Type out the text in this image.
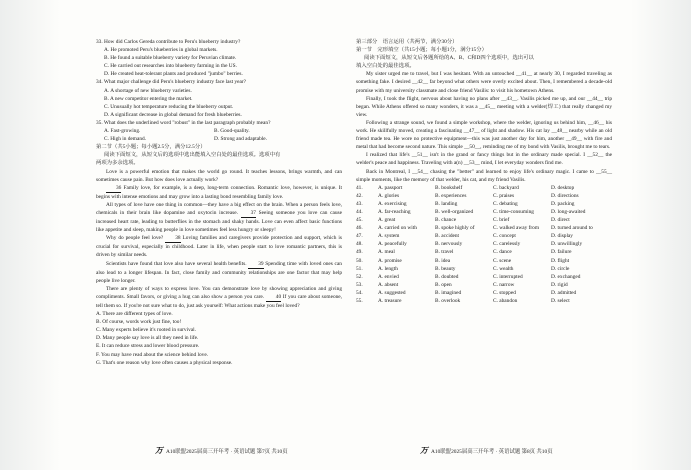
33. How did Carlos Gereda contribute to Peru's blueberry industry?
A. He promoted Peru's blueberries in global markets.
B. He found a suitable blueberry variety for Peruvian climate.
C. He carried out researches into blueberry farming in the US.
D. He created heat-tolerant plants and produced "jumbo" berries.
34. What major challenge did Peru's blueberry industry face last year?
A. A shortage of new blueberry varieties.
B. A new competitor entering the market.
C. Unusually hot temperature reducing the blueberry output.
D. A significant decrease in global demand for fresh blueberries.
35. What does the underlined word "robust" in the last paragraph probably mean?
A. Fast-growing.	B. Good-quality.
C. High in demand.	D. Strong and adaptable.
第二节（共5小题；每小题2.5分，满分12.5分）
阅读下面短文，从短文后的选项中选出能填入空白处的最佳选项。选项中有
两项为多余选项。
Love is a powerful emotion that makes the world go round. It teaches lessons, brings warmth, and can sometimes cause pain. But how does love actually work?
36 Family love, for example, is a deep, long-term connection. Romantic love, however, is unique. It begins with intense emotions and may grow into a lasting bond resembling family love.
All types of love have one thing in common—they have a big effect on the brain. When a person feels love, chemicals in their brain like dopamine and oxytocin increase. 37 Seeing someone you love can cause increased heart rate, leading to butterflies in the stomach and shaky hands. Love can even affect basic functions like appetite and sleep, making people in love sometimes feel less hungry or sleepy!
Why do people feel love? 38 Loving families and caregivers provide protection and support, which is crucial for survival, especially in childhood. Later in life, when people start to love romantic partners, this is driven by similar needs.
Scientists have found that love also have several health benefits. 39 Spending time with loved ones can also lead to a longer lifespan. In fact, close family and community relationships are one factor that may help people live longer.
There are plenty of ways to express love. You can demonstrate love by showing appreciation and giving compliments. Small favors, or giving a hug can also show a person you care. 40 If you care about someone, tell them so. If you're not sure what to do, just ask yourself: What actions make you feel loved?
A. There are different types of love.
B. Of course, words work just fine, too!
C. Many experts believe it's rooted in survival.
D. Many people say love is all they need in life.
E. It can reduce stress and lower blood pressure.
F. You may have read about the science behind love.
G. That's one reason why love often causes a physical response.
第三部分　语言运用（共两节，满分30分）
第一节　完形填空（共15小题；每小题1分，满分15分）
阅读下面短文，从短文后各题所给的A、B、C和D四个选项中，选出可以
填入空白处的最佳选项。
My sister urged me to travel, but I was hesitant. With an untouched __41__ at nearly 30, I regarded traveling as something fake. I desired __42__ far beyond what others were overly excited about. Then, I remembered a decade-old promise with my university classmate and close friend Vasilis: to visit his hometown Athens.
Finally, I took the flight, nervous about having no plans after __43__. Vasilis picked me up, and our __44__ trip began. While Athens offered so many wonders, it was a __45__ meeting with a welder(焊工) that really changed my view.
Following a strange sound, we found a simple workshop, where the welder, ignoring us behind him, __46__ his work. He skillfully moved, creating a fascinating __47__ of light and shadow. His cat lay __48__ nearby while an old friend made tea. He wore no protective equipment—this was just another day for him, another __49__ with fire and metal that had become second nature. This simple __50__, reminding me of my bond with Vasilis, brought me to tears.
I realized that life's __51__ isn't in the grand or fancy things but in the ordinary made special. I __52__ the welder's peace and happiness. Traveling with a(n) __53__ mind, I let everyday wonders find me.
Back in Montreal, I __54__ chasing the "better" and learned to enjoy life's ordinary magic. I came to __55__ simple moments, like the memory of that welder, his cat, and my friend Vasilis.
41.	A. passport	B. bookshelf	C. backyard	D. desktop
42.	A. glories	B. experiences	C. praises	D. directions
43.	A. exercising	B. landing	C. debating	D. packing
44.	A. far-reaching	B. well-organized	C. time-consuming	D. long-awaited
45.	A. great	B. chance	C. brief	D. direct
46.	A. carried on with	B. spoke highly of	C. walked away from	D. turned around to
47.	A. system	B. accident	C. concept	D. display
48.	A. peacefully	B. nervously	C. carelessly	D. unwillingly
49.	A. meal	B. travel	C. dance	D. failure
50.	A. promise	B. idea	C. scene	D. flight
51.	A. length	B. beauty	C. wealth	D. circle
52.	A. envied	B. doubted	C. interrupted	D. exchanged
53.	A. absent	B. open	C. narrow	D. rigid
54.	A. suggested	B. imagined	C. stopped	D. admitted
55.	A. treasure	B. overlook	C. abandon	D. select
万 A10联盟2025届高三开年考 · 英语试题 第7页 共10页	万 A10联盟2025届高三开年考 · 英语试题 第8页 共10页
